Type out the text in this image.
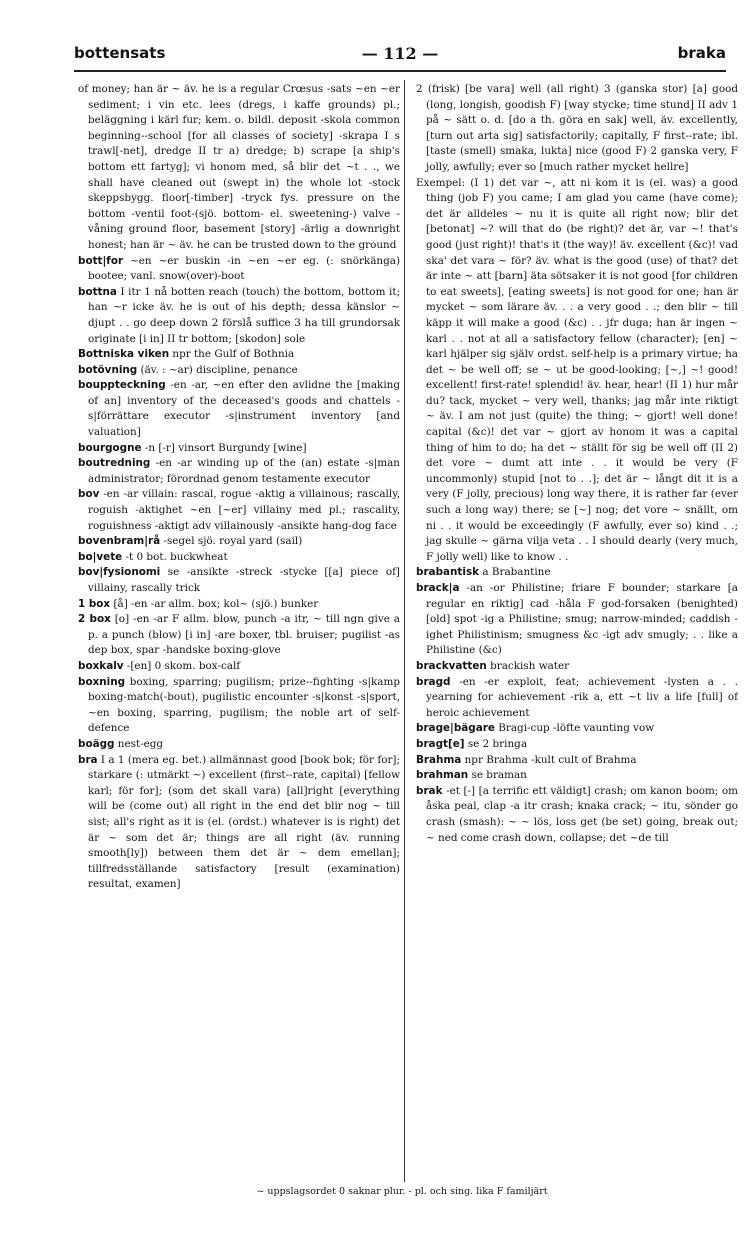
bottensats	— 112 —	braka

of money; han är ~ äv. he is a regular Crœsus -sats ~en ~er sediment; i vin etc. lees (dregs, i kaffe grounds) pl.; beläggning i kärl fur; kem. o. bildl. deposit -skola common beginning--school [for all classes of society] -skrapa I s trawl[-net], dredge II tr a) dredge; b) scrape [a ship's bottom ett fartyg]; vi honom med, så blir det ~t . ., we shall have cleaned out (swept in) the whole lot -stock skeppsbygg. floor[-timber] -tryck fys. pressure on the bottom -ventil foot-(sjö. bottom- el. sweetening-) valve -våning ground floor, basement [story] -ärlig a downright honest; han är ~ äv. he can be trusted down to the ground

bott|for ~en ~er buskin -in ~en ~er eg. (: snörkänga) bootee; vanl. snow(over)-boot

bottna I itr 1 nå botten reach (touch) the bottom, bottom it; han ~r icke äv. he is out of his depth; dessa känslor ~ djupt . . go deep down 2 förslå suffice 3 ha till grundorsak originate [i in] II tr bottom; [skodon] sole

Bottniska viken npr the Gulf of Bothnia

botövning (äv. : ~ar) discipline, penance

bouppteckning -en -ar, ~en efter den avlidne the [making of an] inventory of the deceased's goods and chattels -s|förrättare executor -s|instrument inventory [and valuation]

bourgogne -n [-r] vinsort Burgundy [wine]

boutredning -en -ar winding up of the (an) estate -s|man administrator; förordnad genom testamente executor

bov -en -ar villain: rascal, rogue -aktig a villainous; rascally, roguish -aktighet ~en [~er] villainy med pl.; rascality, roguishness -aktigt adv villainously -ansikte hang-dog face

bovenbram|rå -segel sjö. royal yard (sail)

bo|vete -t 0 bot. buckwheat

bov|fysionomi se -ansikte -streck -stycke [[a] piece of] villainy, rascally trick

1 box [å] -en -ar allm. box; kol~ (sjö.) bunker

2 box [o] -en -ar F allm. blow, punch -a itr, ~ till ngn give a p. a punch (blow) [i in] -are boxer, tbl. bruiser; pugilist -as dep box, spar -handske boxing-glove

boxkalv -[en] 0 skom. box-calf

boxning boxing, sparring; pugilism; prize--fighting -s|kamp boxing-match(-bout), pugilistic encounter -s|konst -s|sport, ~en boxing, sparring, pugilism; the noble art of self-defence

boägg nest-egg

bra I a 1 (mera eg. bet.) allmännast good [book bok; för for]; starkare (: utmärkt ~) excellent (first--rate, capital) [fellow karl; för for]; (som det skall vara) [all]right [everything will be (come out) all right in the end det blir nog ~ till sist; all's right as it is (el. (ordst.) whatever is is right) det är ~ som det är; things are all right (äv. running smooth[ly]) between them det är ~ dem emellan]; tillfredsställande satisfactory [result (examination) resultat, examen]

2 (frisk) [be vara] well (all right) 3 (ganska stor) [a] good (long, longish, goodish F) [way stycke; time stund] II adv 1 på ~ sätt o. d. [do a th. göra en sak] well, äv. excellently, [turn out arta sig] satisfactorily; capitally, F first--rate; ibl. [taste (smell) smaka, lukta] nice (good F) 2 ganska very, F jolly, awfully; ever so [much rather mycket hellre]

Exempel: (I 1) det var ~, att ni kom it is (el. was) a good thing (job F) you came; I am glad you came (have come); det är alldeles ~ nu it is quite all right now; blir det [betonat] ~? will that do (be right)? det är, var ~! that's good (just right)! that's it (the way)! äv. excellent (&c)! vad ska' det vara ~ för? äv. what is the good (use) of that? det är inte ~ att [barn] äta sötsaker it is not good [for children to eat sweets], [eating sweets] is not good for one; han är mycket ~ som lärare äv. . . a very good . .; den blir ~ till käpp it will make a good (&c) . . jfr duga; han är ingen ~ karl . . not at all a satisfactory fellow (character); [en] ~ karl hjälper sig själv ordst. self-help is a primary virtue; ha det ~ be well off; se ~ ut be good-looking; [~,] ~! good! excellent! first-rate! splendid! äv. hear, hear! (II 1) hur mår du? tack, mycket ~ very well, thanks; jag mår inte riktigt ~ äv. I am not just (quite) the thing; ~ gjort! well done! capital (&c)! det var ~ gjort av honom it was a capital thing of him to do; ha det ~ ställt för sig be well off (II 2) det vore ~ dumt att inte . . it would be very (F uncommonly) stupid [not to . .]; det är ~ långt dit it is a very (F jolly, precious) long way there, it is rather far (ever such a long way) there; se [~] nog; det vore ~ snällt, om ni . . it would be exceedingly (F awfully, ever so) kind . .; jag skulle ~ gärna vilja veta . . I should dearly (very much, F jolly well) like to know . .

brabantisk a Brabantine

brack|a -an -or Philistine; friare F bounder; starkare [a regular en riktig] cad -håla F god-forsaken (benighted) [old] spot -ig a Philistine; smug; narrow-minded; caddish -ighet Philistinism; smugness &c -igt adv smugly; . . like a Philistine (&c)

brackvatten brackish water

bragd -en -er exploit, feat; achievement -lysten a . . yearning for achievement -rik a, ett ~t liv a life [full] of heroic achievement

brage|bägare Bragi-cup -löfte vaunting vow

bragt[e] se 2 bringa

Brahma npr Brahma -kult cult of Brahma

brahman se braman

brak -et [-] [a terrific ett väldigt] crash; om kanon boom; om åska peal, clap -a itr crash; knaka crack; ~ itu, sönder go crash (smash): ~ ~ lös, loss get (be set) going, break out; ~ ned come crash down, collapse; det ~de till

~ uppslagsordet 0 saknar plur. - pl. och sing. lika F familjärt
